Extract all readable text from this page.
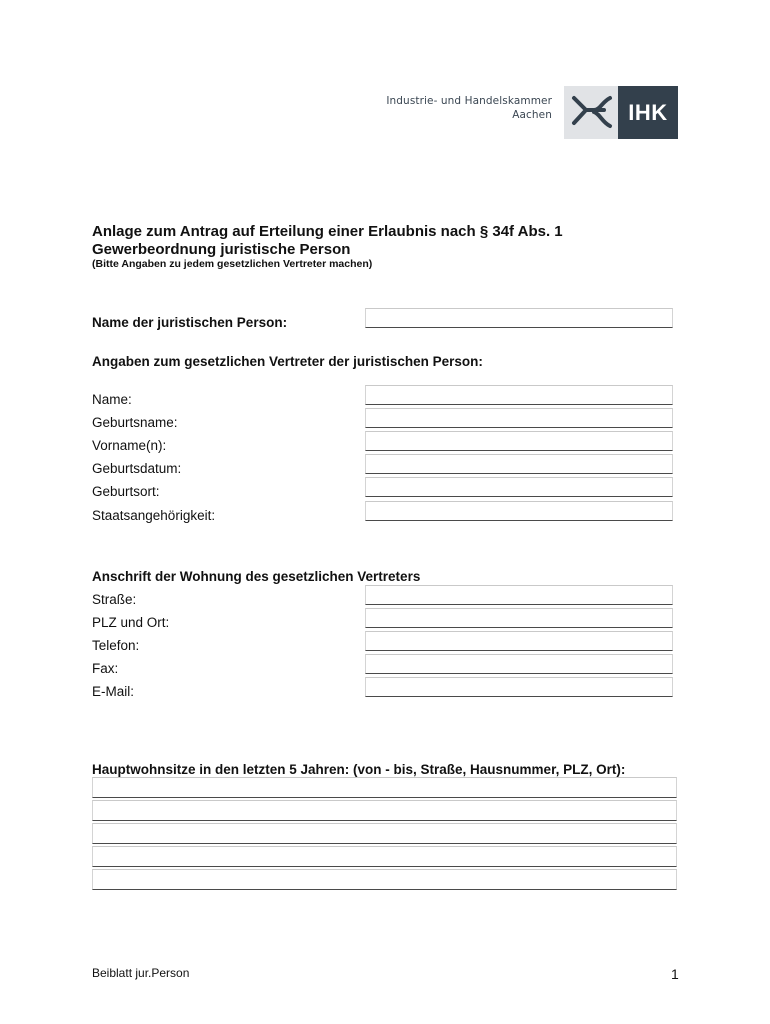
Industrie- und Handelskammer
Aachen	IHK
Anlage zum Antrag auf Erteilung einer Erlaubnis nach § 34f Abs. 1 Gewerbeordnung juristische Person
(Bitte Angaben zu jedem gesetzlichen Vertreter machen)
Name der juristischen Person:
Angaben zum gesetzlichen Vertreter der juristischen Person:
Name:
Geburtsname:
Vorname(n):
Geburtsdatum:
Geburtsort:
Staatsangehörigkeit:
Anschrift der Wohnung des gesetzlichen Vertreters
Straße:
PLZ und Ort:
Telefon:
Fax:
E-Mail:
Hauptwohnsitze in den letzten 5 Jahren: (von - bis, Straße, Hausnummer, PLZ, Ort):
Beiblatt jur.Person	1
